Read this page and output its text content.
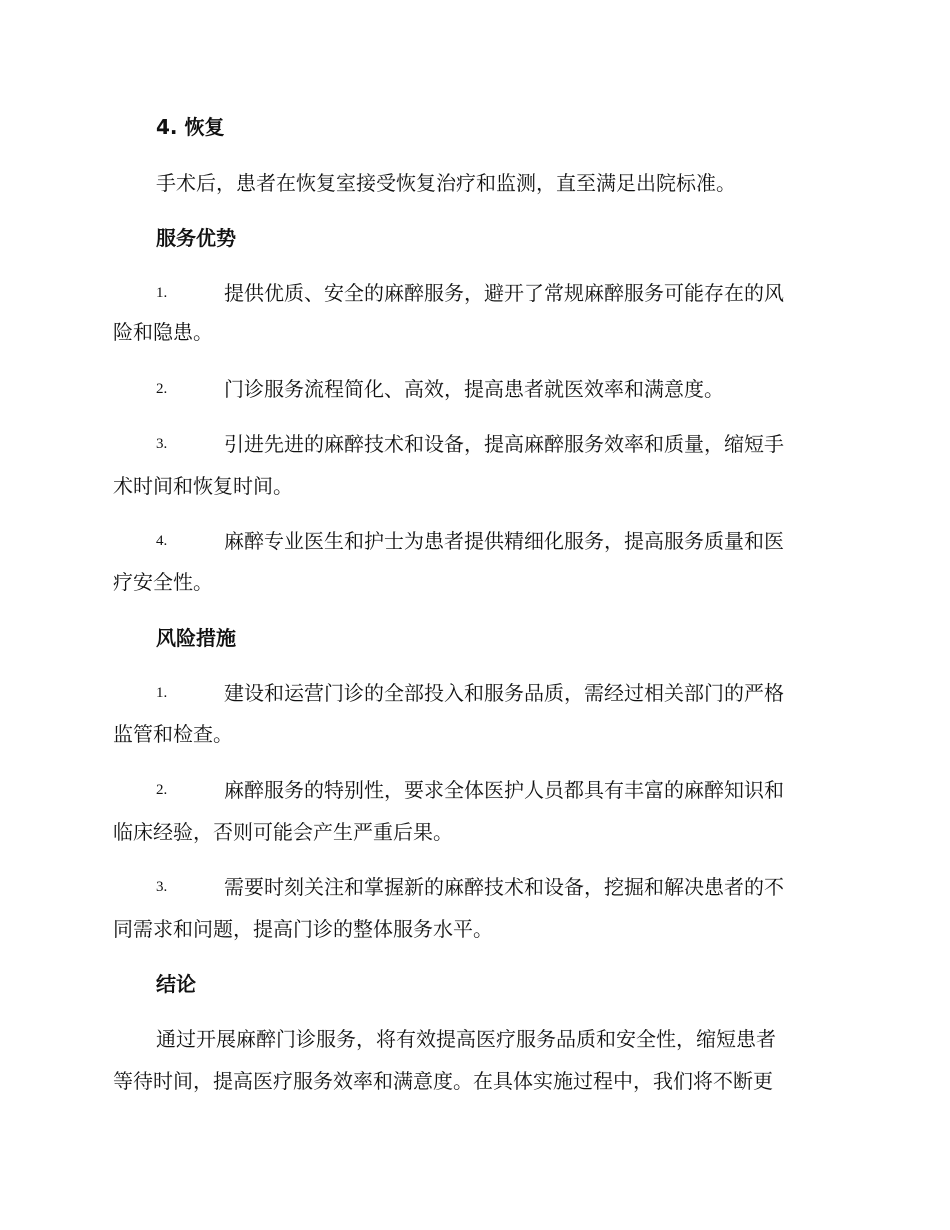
4. 恢复
手术后，患者在恢复室接受恢复治疗和监测，直至满足出院标准。
服务优势
1.	提供优质、安全的麻醉服务，避开了常规麻醉服务可能存在的风
险和隐患。
2.	门诊服务流程简化、高效，提高患者就医效率和满意度。
3.	引进先进的麻醉技术和设备，提高麻醉服务效率和质量，缩短手
术时间和恢复时间。
4.	麻醉专业医生和护士为患者提供精细化服务，提高服务质量和医
疗安全性。
风险措施
1.	建设和运营门诊的全部投入和服务品质，需经过相关部门的严格
监管和检查。
2.	麻醉服务的特别性，要求全体医护人员都具有丰富的麻醉知识和
临床经验，否则可能会产生严重后果。
3.	需要时刻关注和掌握新的麻醉技术和设备，挖掘和解决患者的不
同需求和问题，提高门诊的整体服务水平。
结论
通过开展麻醉门诊服务，将有效提高医疗服务品质和安全性，缩短患者
等待时间，提高医疗服务效率和满意度。在具体实施过程中，我们将不断更
